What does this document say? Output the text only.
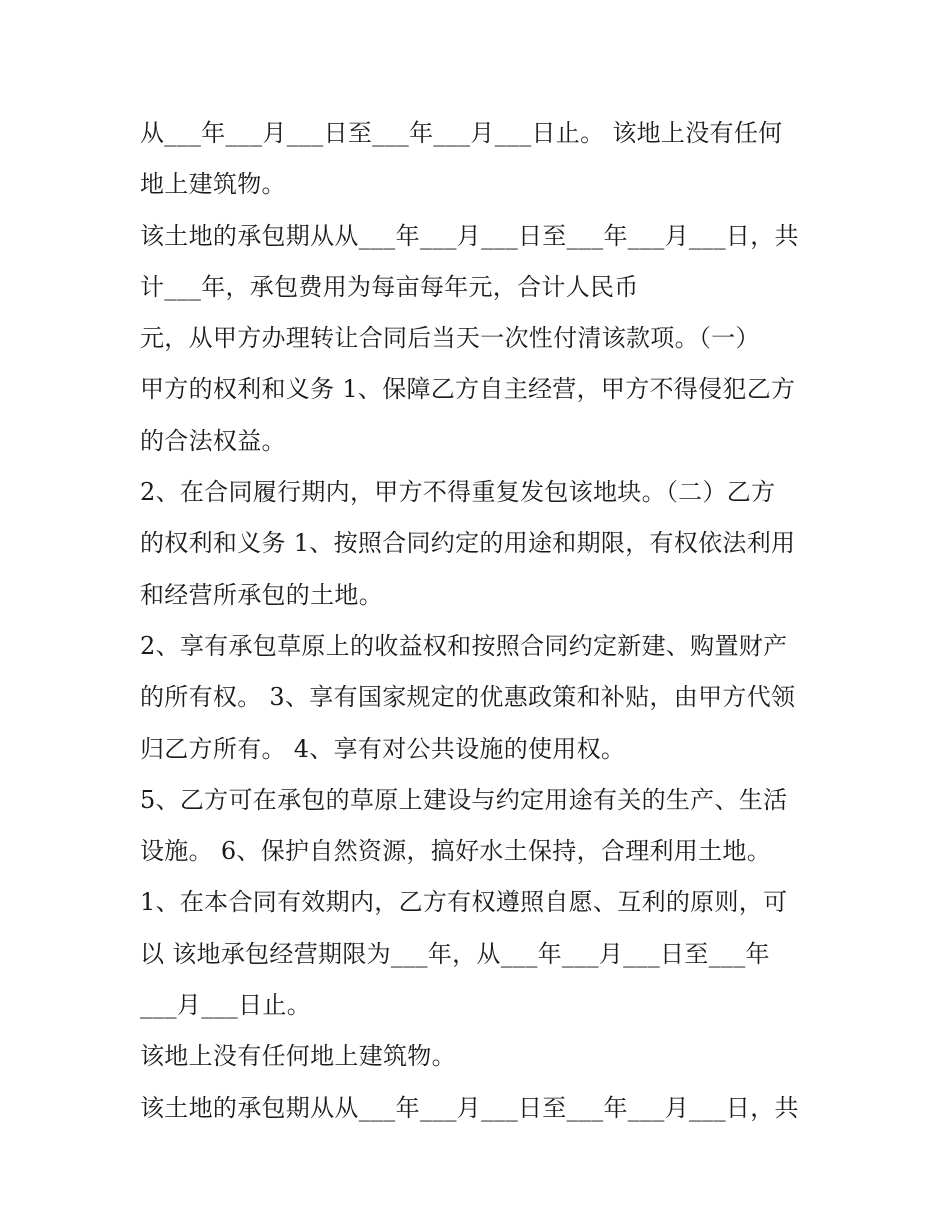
从___年___月___日至___年___月___日止。 该地上没有任何
地上建筑物。
该土地的承包期从从___年___月___日至___年___月___日，共
计___年，承包费用为每亩每年元，合计人民币
元，从甲方办理转让合同后当天一次性付清该款项。（一）
甲方的权利和义务 1、保障乙方自主经营，甲方不得侵犯乙方
的合法权益。
2、在合同履行期内，甲方不得重复发包该地块。（二）乙方
的权利和义务 1、按照合同约定的用途和期限，有权依法利用
和经营所承包的土地。
2、享有承包草原上的收益权和按照合同约定新建、购置财产
的所有权。 3、享有国家规定的优惠政策和补贴，由甲方代领
归乙方所有。 4、享有对公共设施的使用权。
5、乙方可在承包的草原上建设与约定用途有关的生产、生活
设施。 6、保护自然资源，搞好水土保持，合理利用土地。
1、在本合同有效期内，乙方有权遵照自愿、互利的原则，可
以 该地承包经营期限为___年，从___年___月___日至___年
___月___日止。
该地上没有任何地上建筑物。
该土地的承包期从从___年___月___日至___年___月___日，共
